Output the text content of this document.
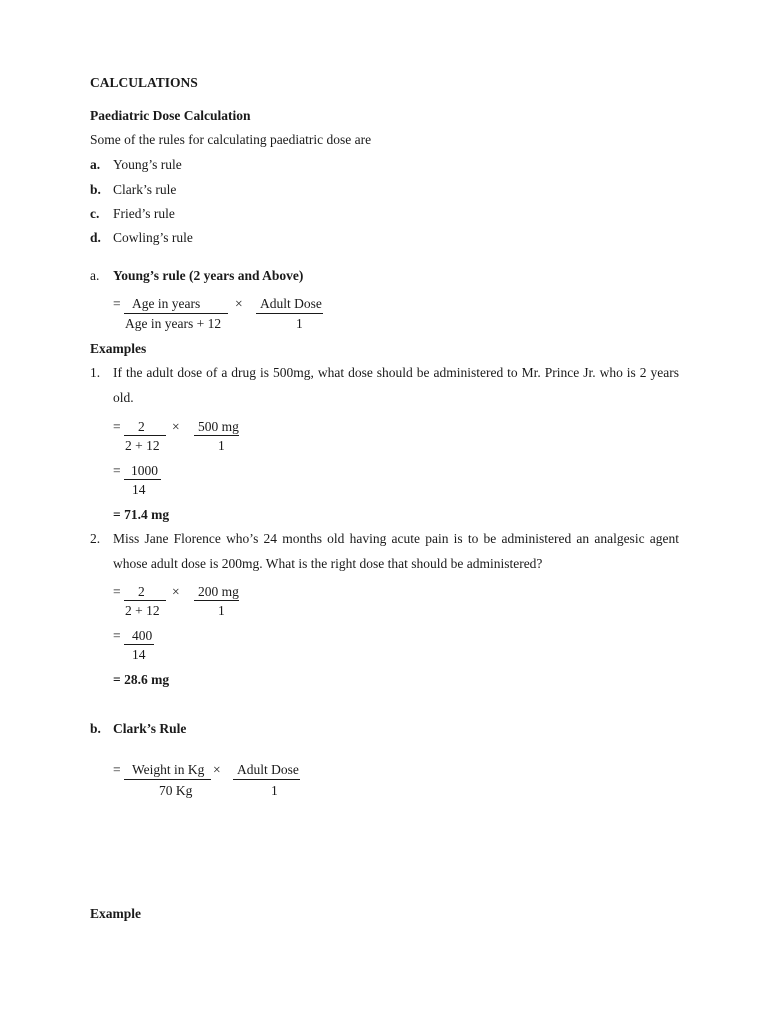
CALCULATIONS
Paediatric Dose Calculation
Some of the rules for calculating paediatric dose are
a. Young’s rule
b. Clark’s rule
c. Fried’s rule
d. Cowling’s rule
a. Young’s rule (2 years and Above)
= Age in years
Age in years + 12
× Adult Dose
1
Examples
1. If the adult dose of a drug is 500mg, what dose should be administered to Mr. Prince Jr. who is 2 years old.
= 2
2 + 12
× 500 mg
1
= 1000
14
= 71.4 mg
2. Miss Jane Florence who’s 24 months old having acute pain is to be administered an analgesic agent whose adult dose is 200mg. What is the right dose that should be administered?
= 2
2 + 12
× 200 mg
1
= 400
14
= 28.6 mg
b. Clark’s Rule
= Weight in Kg
70 Kg
× Adult Dose
1
Example
